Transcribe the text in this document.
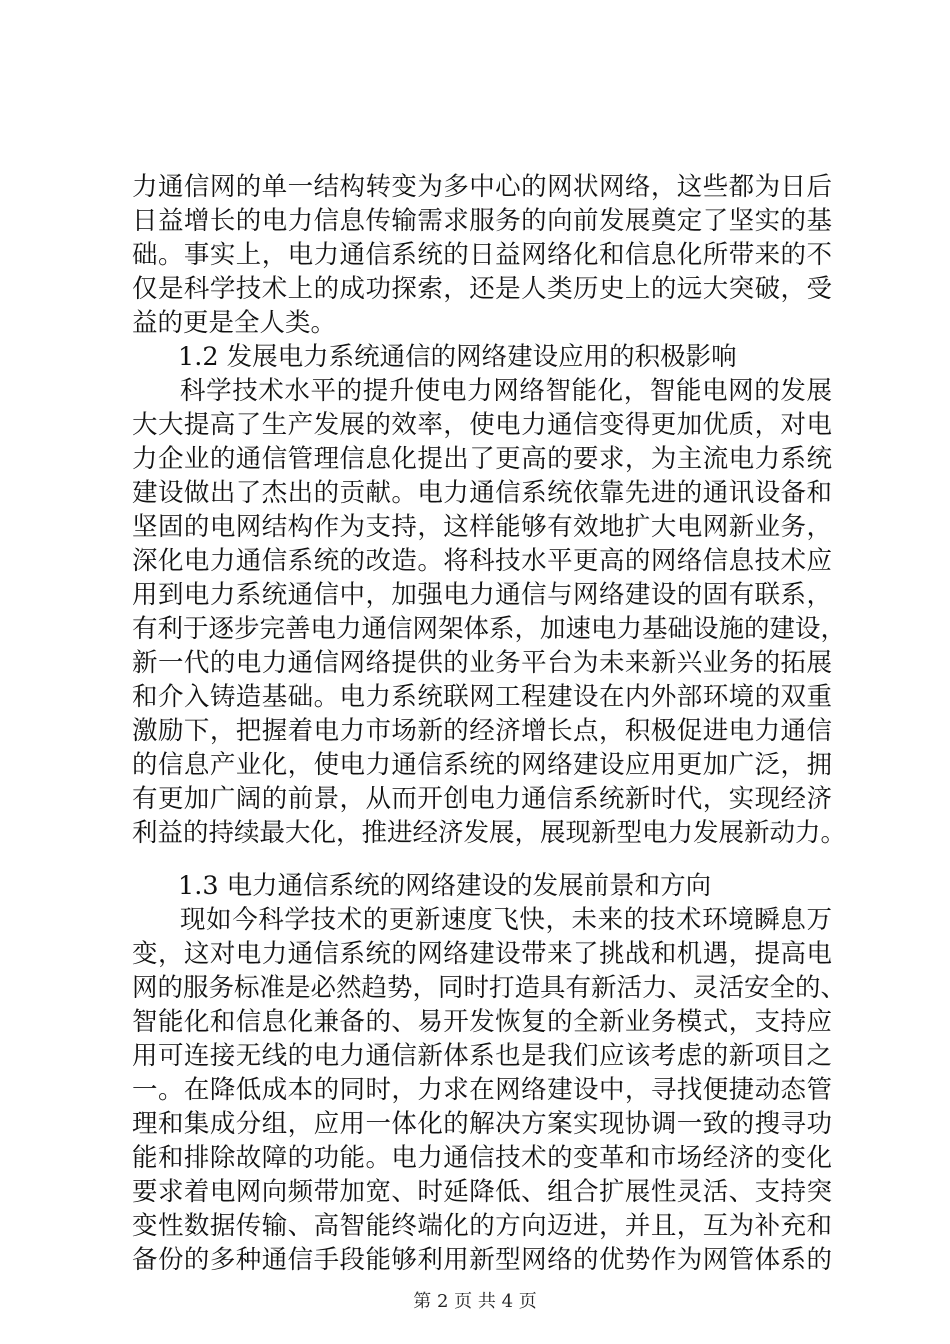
力通信网的单一结构转变为多中心的网状网络，这些都为日后
日益增长的电力信息传输需求服务的向前发展奠定了坚实的基
础。事实上，电力通信系统的日益网络化和信息化所带来的不
仅是科学技术上的成功探索，还是人类历史上的远大突破，受
益的更是全人类。
1.2 发展电力系统通信的网络建设应用的积极影响
科学技术水平的提升使电力网络智能化，智能电网的发展
大大提高了生产发展的效率，使电力通信变得更加优质，对电
力企业的通信管理信息化提出了更高的要求，为主流电力系统
建设做出了杰出的贡献。电力通信系统依靠先进的通讯设备和
坚固的电网结构作为支持，这样能够有效地扩大电网新业务，
深化电力通信系统的改造。将科技水平更高的网络信息技术应
用到电力系统通信中，加强电力通信与网络建设的固有联系，
有利于逐步完善电力通信网架体系，加速电力基础设施的建设，
新一代的电力通信网络提供的业务平台为未来新兴业务的拓展
和介入铸造基础。电力系统联网工程建设在内外部环境的双重
激励下，把握着电力市场新的经济增长点，积极促进电力通信
的信息产业化，使电力通信系统的网络建设应用更加广泛，拥
有更加广阔的前景，从而开创电力通信系统新时代，实现经济
利益的持续最大化，推进经济发展，展现新型电力发展新动力。
1.3 电力通信系统的网络建设的发展前景和方向
现如今科学技术的更新速度飞快，未来的技术环境瞬息万
变，这对电力通信系统的网络建设带来了挑战和机遇，提高电
网的服务标准是必然趋势，同时打造具有新活力、灵活安全的、
智能化和信息化兼备的、易开发恢复的全新业务模式，支持应
用可连接无线的电力通信新体系也是我们应该考虑的新项目之
一。在降低成本的同时，力求在网络建设中，寻找便捷动态管
理和集成分组，应用一体化的解决方案实现协调一致的搜寻功
能和排除故障的功能。电力通信技术的变革和市场经济的变化
要求着电网向频带加宽、时延降低、组合扩展性灵活、支持突
变性数据传输、高智能终端化的方向迈进，并且，互为补充和
备份的多种通信手段能够利用新型网络的优势作为网管体系的
第 2 页 共 4 页
